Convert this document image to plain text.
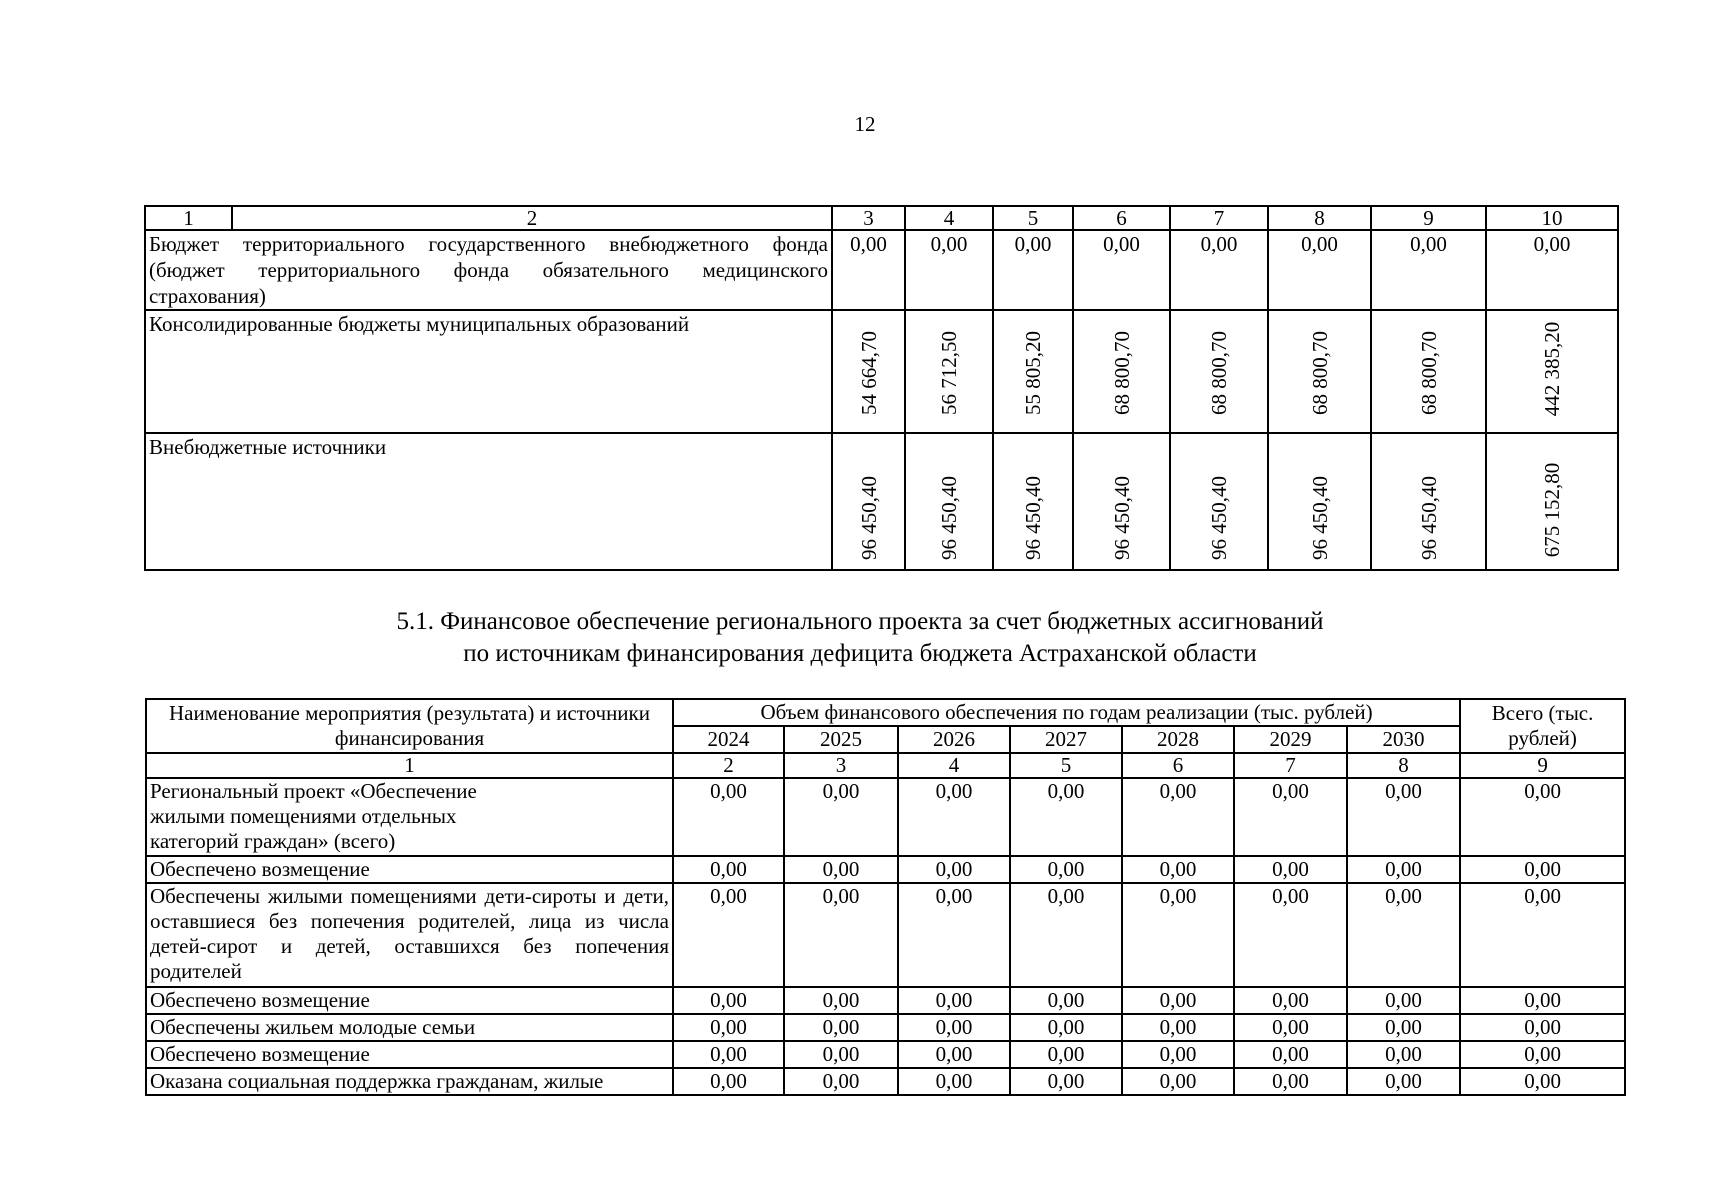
12
1	2	3	4	5	6	7	8	9	10
Бюджет территориального государственного внебюджетного фонда (бюджет территориального фонда обязательного медицинского страхования)		0,00	0,00	0,00	0,00	0,00	0,00	0,00	0,00
Консолидированные бюджеты муниципальных образований		54 664,70	56 712,50	55 805,20	68 800,70	68 800,70	68 800,70	68 800,70	442 385,20

Внебюджетные источники		96 450,40	96 450,40	96 450,40	96 450,40	96 450,40	96 450,40	96 450,40	675 152,80
5.1. Финансовое обеспечение регионального проекта за счет бюджетных ассигнований
по источникам финансирования дефицита бюджета Астраханской области
Наименование мероприятия (результата) и источники финансирования	Объем финансового обеспечения по годам реализации (тыс. рублей)							Всего (тыс. рублей)
	2024	2025	2026	2027	2028	2029	2030	
1	2	3	4	5	6	7	8	9

Региональный проект «Обеспечение жилыми помещениями отдельных категорий граждан» (всего)	0,00	0,00	0,00	0,00	0,00	0,00	0,00	0,00
Обеспечено возмещение	0,00	0,00	0,00	0,00	0,00	0,00	0,00	0,00
Обеспечены жилыми помещениями дети-сироты и дети, оставшиеся без попечения родителей, лица из числа детей-сирот и детей, оставшихся без попечения родителей	0,00	0,00	0,00	0,00	0,00	0,00	0,00	0,00
Обеспечено возмещение	0,00	0,00	0,00	0,00	0,00	0,00	0,00	0,00
Обеспечены жильем молодые семьи	0,00	0,00	0,00	0,00	0,00	0,00	0,00	0,00
Обеспечено возмещение	0,00	0,00	0,00	0,00	0,00	0,00	0,00	0,00
Оказана социальная поддержка гражданам, жилые	0,00	0,00	0,00	0,00	0,00	0,00	0,00	0,00
